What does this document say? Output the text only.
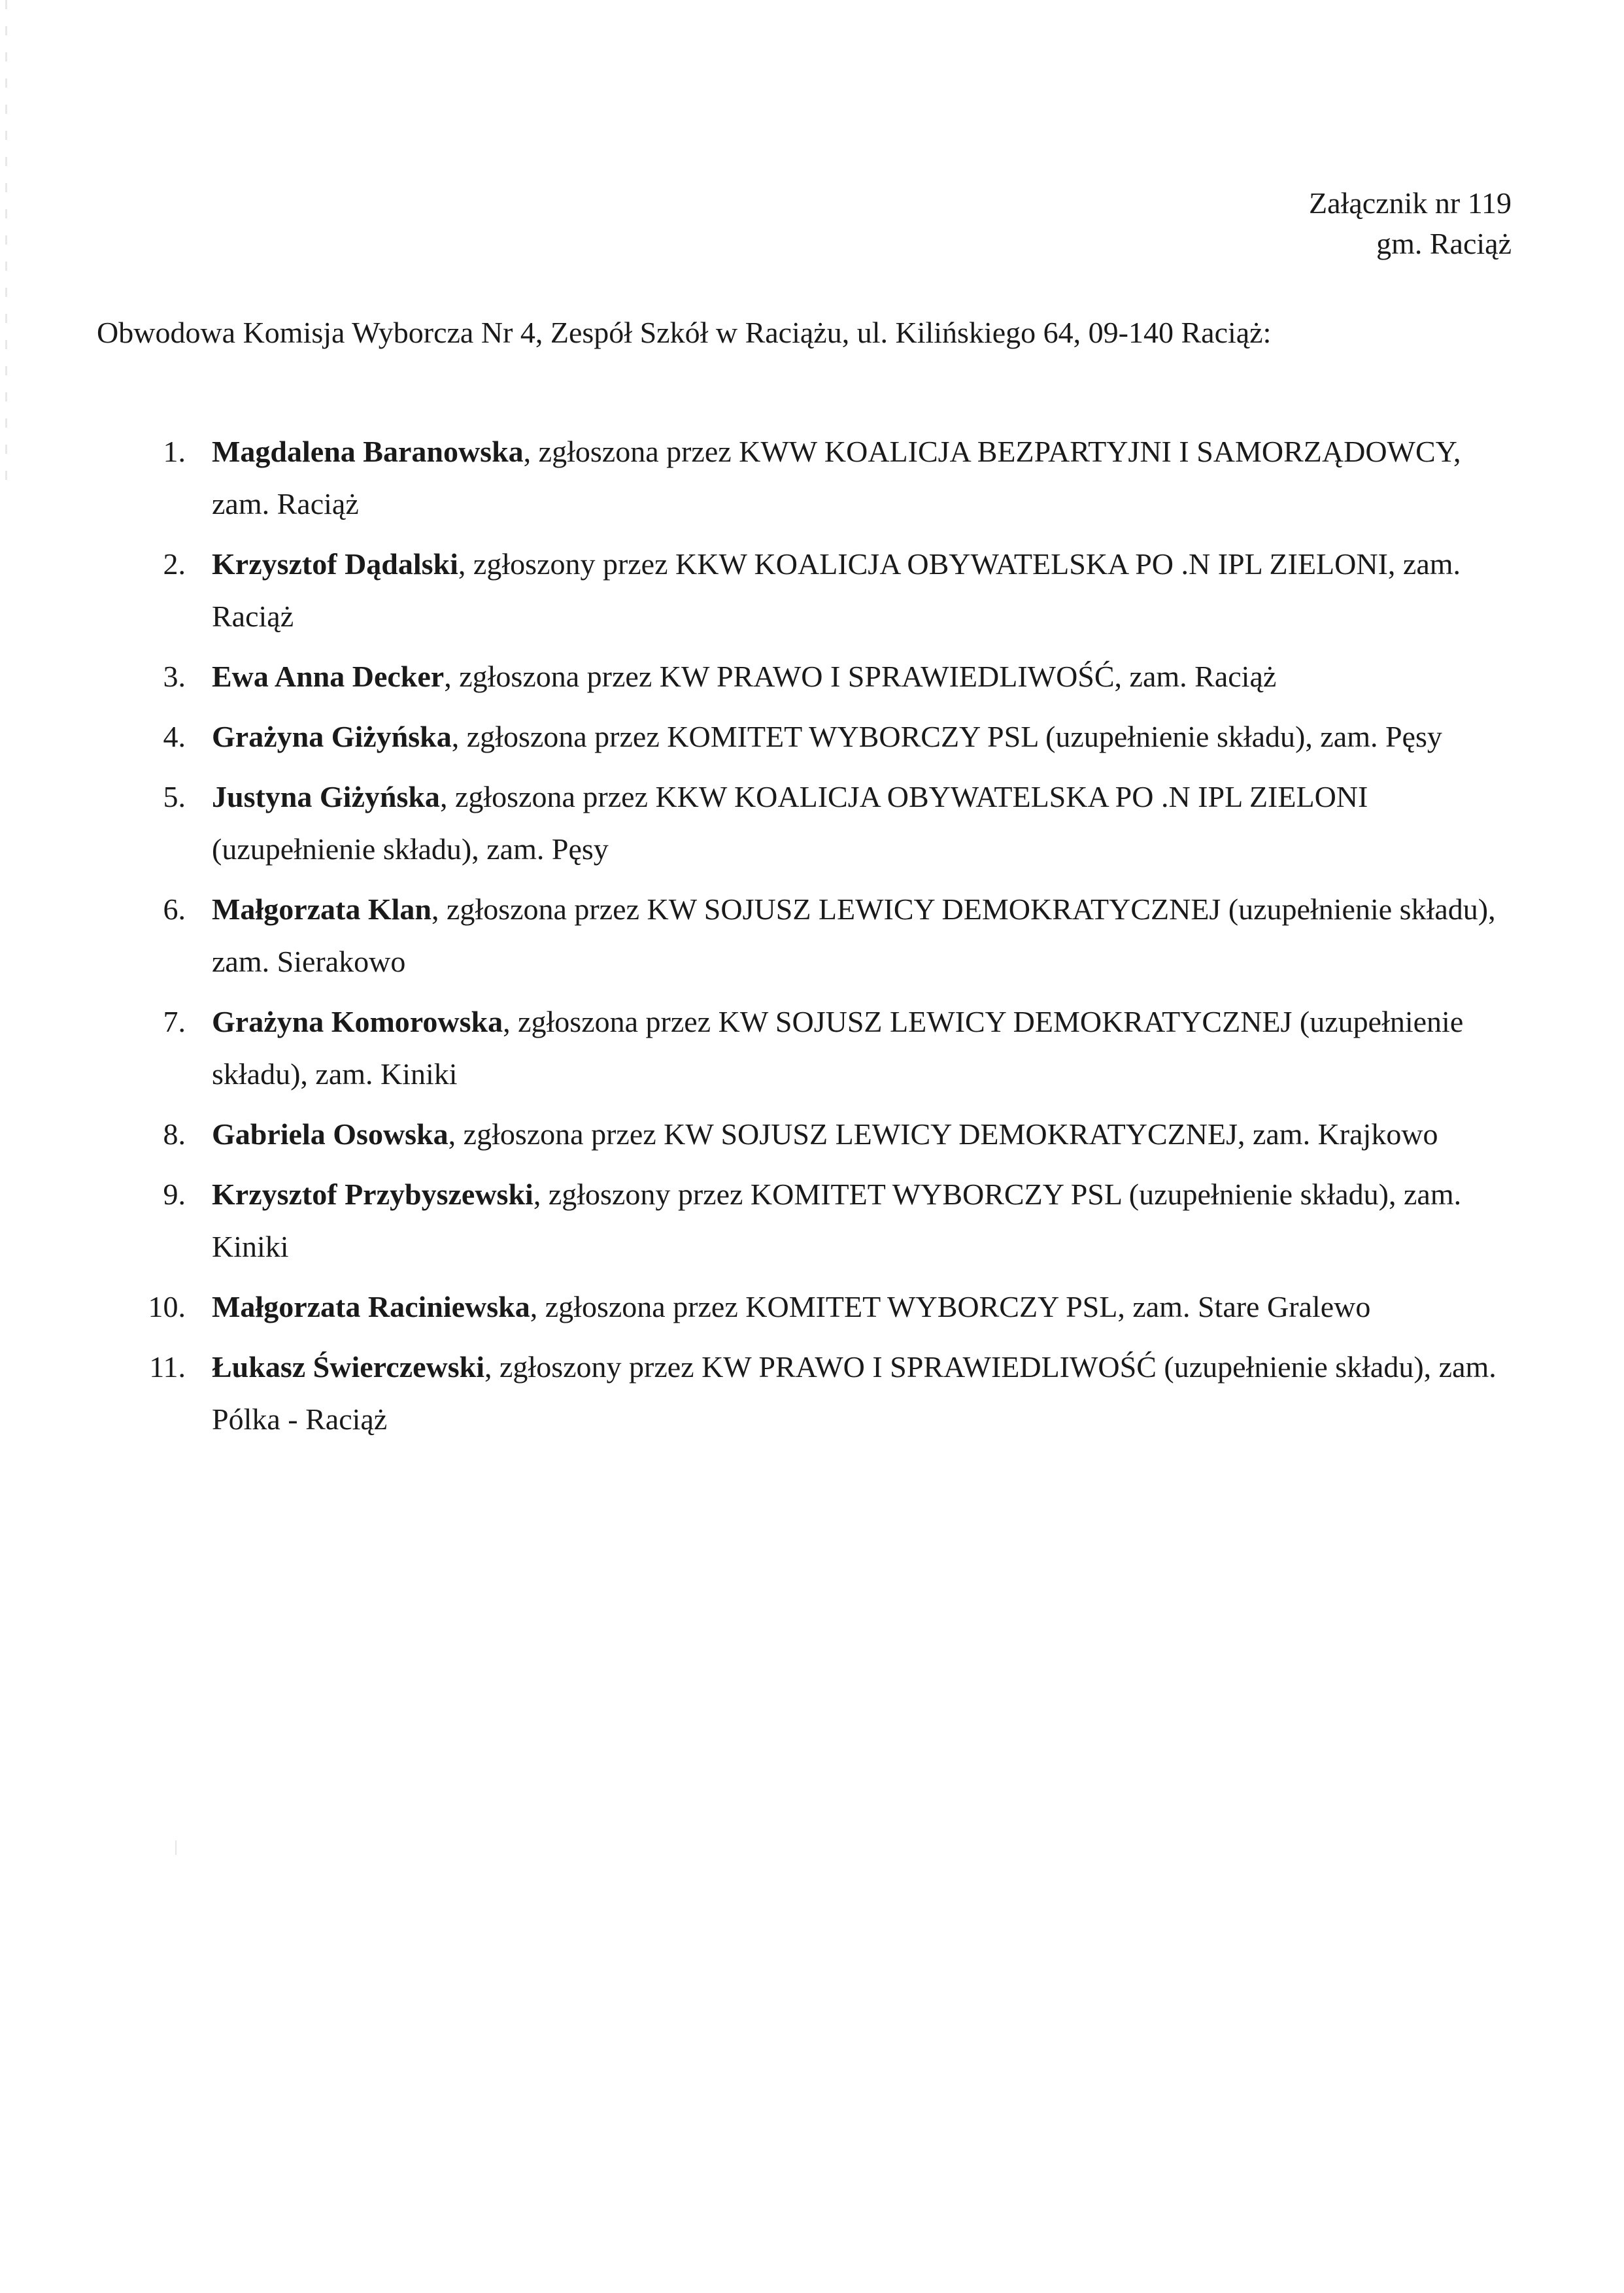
Załącznik nr 119
gm. Raciąż
Obwodowa Komisja Wyborcza Nr 4, Zespół Szkół w Raciążu, ul. Kilińskiego 64, 09-140 Raciąż:
1. Magdalena Baranowska, zgłoszona przez KWW KOALICJA BEZPARTYJNI I SAMORZĄDOWCY, zam. Raciąż
2. Krzysztof Dądalski, zgłoszony przez KKW KOALICJA OBYWATELSKA PO .N IPL ZIELONI, zam. Raciąż
3. Ewa Anna Decker, zgłoszona przez KW PRAWO I SPRAWIEDLIWOŚĆ, zam. Raciąż
4. Grażyna Giżyńska, zgłoszona przez KOMITET WYBORCZY PSL (uzupełnienie składu), zam. Pęsy
5. Justyna Giżyńska, zgłoszona przez KKW KOALICJA OBYWATELSKA PO .N IPL ZIELONI (uzupełnienie składu), zam. Pęsy
6. Małgorzata Klan, zgłoszona przez KW SOJUSZ LEWICY DEMOKRATYCZNEJ (uzupełnienie składu), zam. Sierakowo
7. Grażyna Komorowska, zgłoszona przez KW SOJUSZ LEWICY DEMOKRATYCZNEJ (uzupełnienie składu), zam. Kiniki
8. Gabriela Osowska, zgłoszona przez KW SOJUSZ LEWICY DEMOKRATYCZNEJ, zam. Krajkowo
9. Krzysztof Przybyszewski, zgłoszony przez KOMITET WYBORCZY PSL (uzupełnienie składu), zam. Kiniki
10. Małgorzata Raciniewska, zgłoszona przez KOMITET WYBORCZY PSL, zam. Stare Gralewo
11. Łukasz Świerczewski, zgłoszony przez KW PRAWO I SPRAWIEDLIWOŚĆ (uzupełnienie składu), zam. Pólka - Raciąż
